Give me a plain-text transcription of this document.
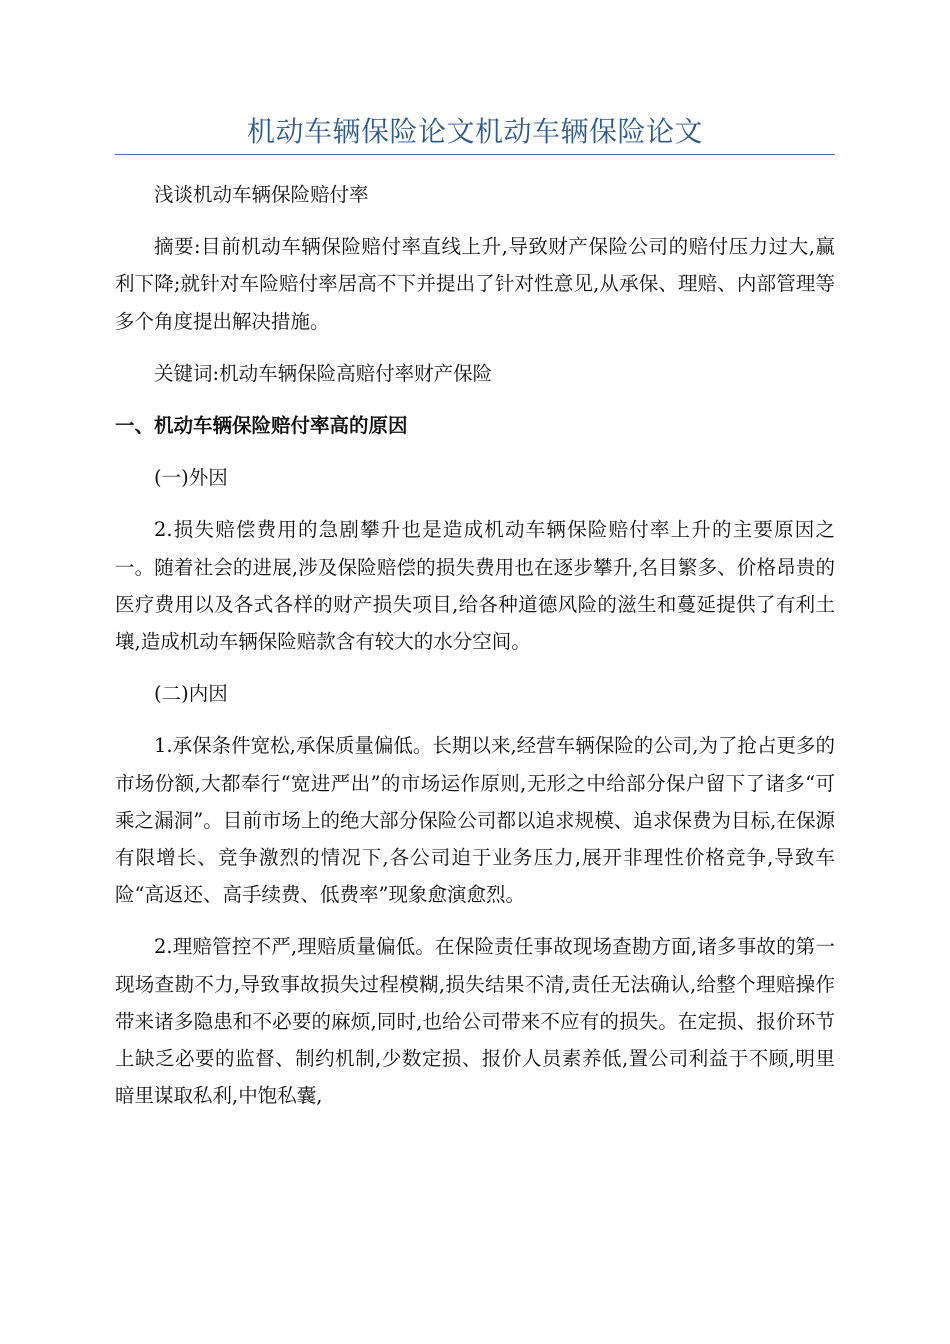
机动车辆保险论文机动车辆保险论文

浅谈机动车辆保险赔付率

摘要:目前机动车辆保险赔付率直线上升,导致财产保险公司的赔付压力过大,赢利下降;就针对车险赔付率居高不下并提出了针对性意见,从承保、理赔、内部管理等多个角度提出解决措施。

关键词:机动车辆保险高赔付率财产保险

一、机动车辆保险赔付率高的原因

(一)外因

2.损失赔偿费用的急剧攀升也是造成机动车辆保险赔付率上升的主要原因之一。随着社会的进展,涉及保险赔偿的损失费用也在逐步攀升,名目繁多、价格昂贵的医疗费用以及各式各样的财产损失项目,给各种道德风险的滋生和蔓延提供了有利土壤,造成机动车辆保险赔款含有较大的水分空间。

(二)内因

1.承保条件宽松,承保质量偏低。长期以来,经营车辆保险的公司,为了抢占更多的市场份额,大都奉行“宽进严出”的市场运作原则,无形之中给部分保户留下了诸多“可乘之漏洞”。目前市场上的绝大部分保险公司都以追求规模、追求保费为目标,在保源有限增长、竞争激烈的情况下,各公司迫于业务压力,展开非理性价格竞争,导致车险“高返还、高手续费、低费率”现象愈演愈烈。

2.理赔管控不严,理赔质量偏低。在保险责任事故现场查勘方面,诸多事故的第一现场查勘不力,导致事故损失过程模糊,损失结果不清,责任无法确认,给整个理赔操作带来诸多隐患和不必要的麻烦,同时,也给公司带来不应有的损失。在定损、报价环节上缺乏必要的监督、制约机制,少数定损、报价人员素养低,置公司利益于不顾,明里暗里谋取私利,中饱私囊,
